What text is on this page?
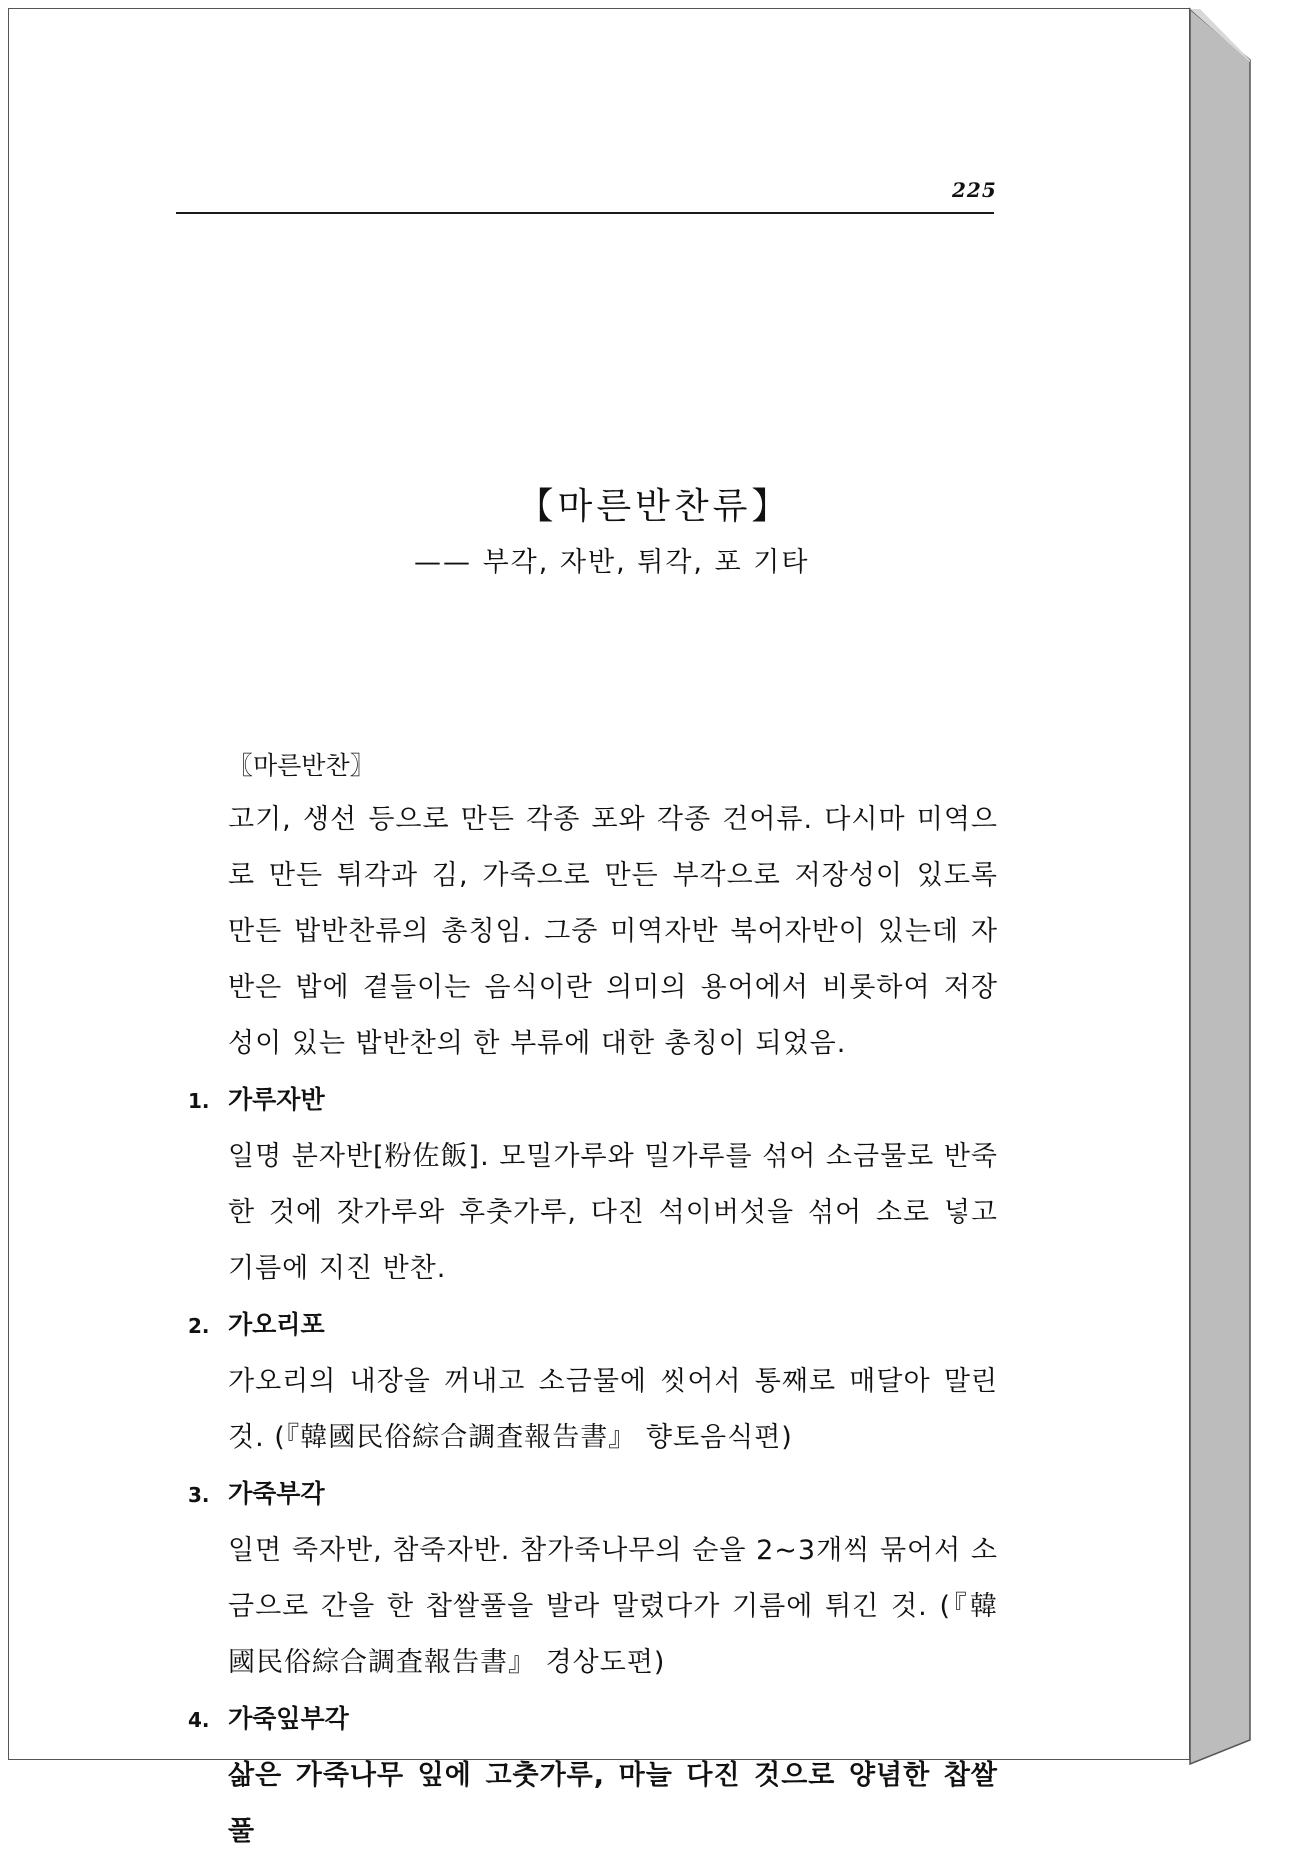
225
【마른반찬류】
—— 부각, 자반, 튀각, 포 기타
〖마른반찬〗
고기, 생선 등으로 만든 각종 포와 각종 건어류. 다시마 미역으로 만든 튀각과 김, 가죽으로 만든 부각으로 저장성이 있도록 만든 밥반찬류의 총칭임. 그중 미역자반 북어자반이 있는데 자반은 밥에 곁들이는 음식이란 의미의 용어에서 비롯하여 저장성이 있는 밥반찬의 한 부류에 대한 총칭이 되었음.
1. 가루자반
일명 분자반[粉佐飯]. 모밀가루와 밀가루를 섞어 소금물로 반죽한 것에 잣가루와 후춧가루, 다진 석이버섯을 섞어 소로 넣고 기름에 지진 반찬.
2. 가오리포
가오리의 내장을 꺼내고 소금물에 씻어서 통째로 매달아 말린 것. (『韓國民俗綜合調査報告書』 향토음식편)
3. 가죽부각
일면 죽자반, 참죽자반. 참가죽나무의 순을 2∼3개씩 묶어서 소금으로 간을 한 찹쌀풀을 발라 말렸다가 기름에 튀긴 것. (『韓國民俗綜合調査報告書』 경상도편)
4. 가죽잎부각
삶은 가죽나무 잎에 고춧가루, 마늘 다진 것으로 양념한 찹쌀풀
